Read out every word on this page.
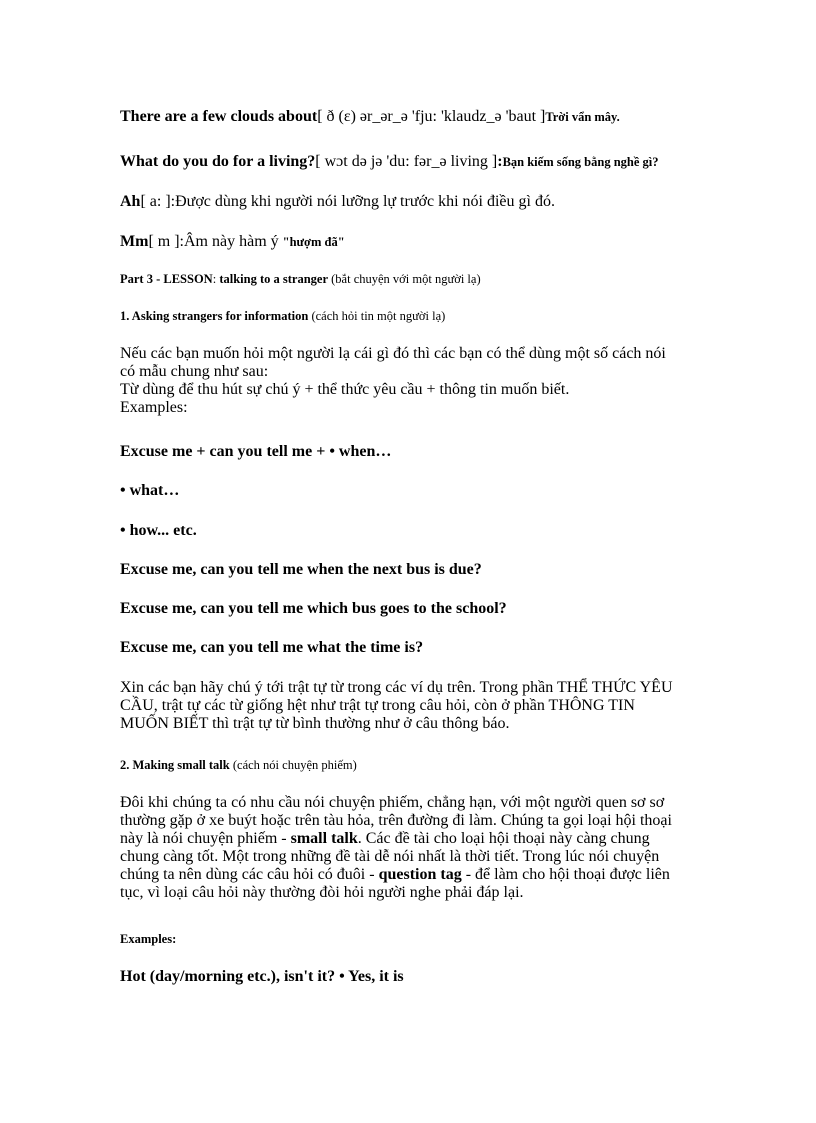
There are a few clouds about[ ð (ɛ) ər_ər_ə 'fju: 'klaudz_ə 'baut ]Trời vẩn mây.
What do you do for a living?[ wɔt də jə 'du: fər_ə living ]:Bạn kiếm sống bằng nghề gì?
Ah[ a: ]:Được dùng khi người nói lưỡng lự trước khi nói điều gì đó.
Mm[ m ]:Âm này hàm ý "hượm đã"
Part 3 - LESSON: talking to a stranger (bắt chuyện với một người lạ)
1. Asking strangers for information (cách hỏi tin một người lạ)
Nếu các bạn muốn hỏi một người lạ cái gì đó thì các bạn có thể dùng một số cách nói
có mẫu chung như sau:
Từ dùng để thu hút sự chú ý + thể thức yêu cầu + thông tin muốn biết.
Examples:
Excuse me + can you tell me + • when…
• what…
• how... etc.
Excuse me, can you tell me when the next bus is due?
Excuse me, can you tell me which bus goes to the school?
Excuse me, can you tell me what the time is?
Xin các bạn hãy chú ý tới trật tự từ trong các ví dụ trên. Trong phần THỂ THỨC YÊU
CẦU, trật tự các từ giống hệt như trật tự trong câu hỏi, còn ở phần THÔNG TIN
MUỐN BIẾT thì trật tự từ bình thường như ở câu thông báo.
2. Making small talk (cách nói chuyện phiếm)
Đôi khi chúng ta có nhu cầu nói chuyện phiếm, chẳng hạn, với một người quen sơ sơ
thường gặp ở xe buýt hoặc trên tàu hỏa, trên đường đi làm. Chúng ta gọi loại hội thoại
này là nói chuyện phiếm - small talk. Các đề tài cho loại hội thoại này càng chung
chung càng tốt. Một trong những đề tài dễ nói nhất là thời tiết. Trong lúc nói chuyện
chúng ta nên dùng các câu hỏi có đuôi - question tag - để làm cho hội thoại được liên
tục, vì loại câu hỏi này thường đòi hỏi người nghe phải đáp lại.
Examples:
Hot (day/morning etc.), isn't it? • Yes, it is
